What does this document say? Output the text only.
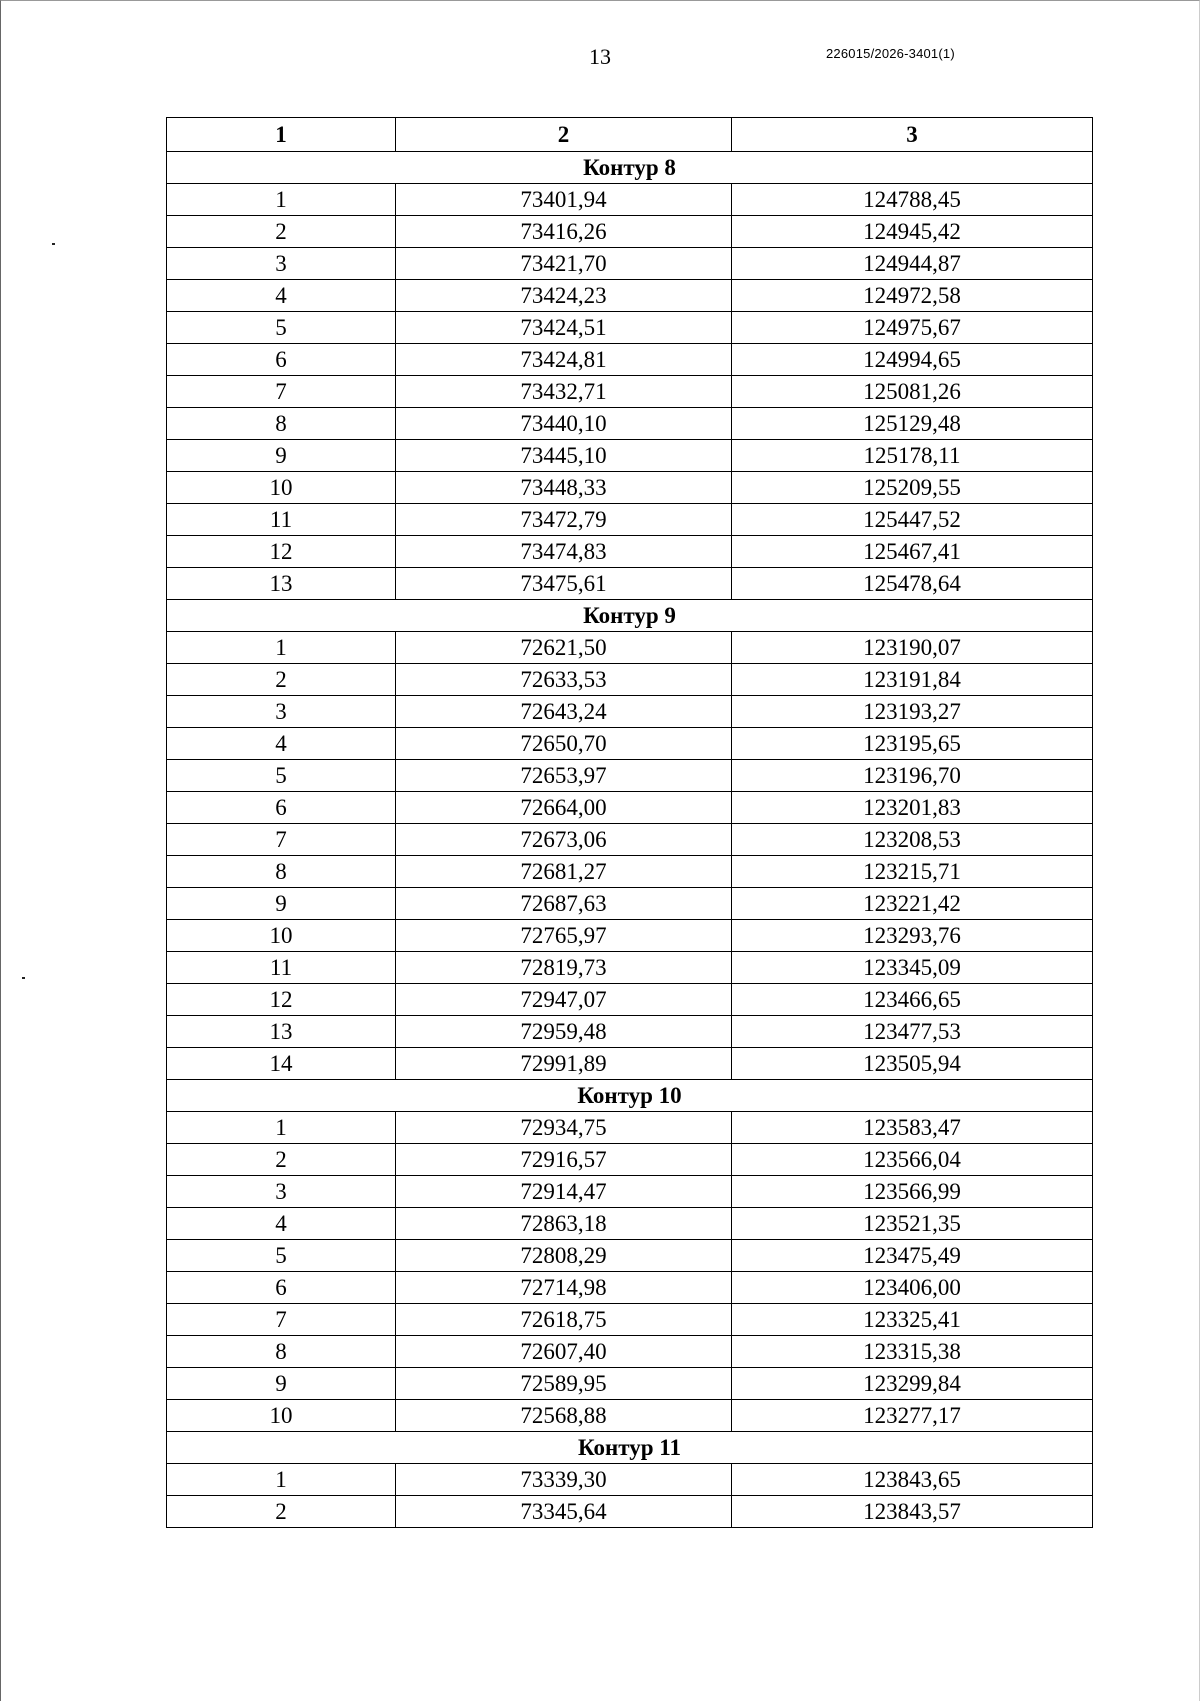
13	226015/2026-3401(1)
1	2	3
Контур 8		
1	73401,94	124788,45
2	73416,26	124945,42
3	73421,70	124944,87
4	73424,23	124972,58
5	73424,51	124975,67
6	73424,81	124994,65
7	73432,71	125081,26
8	73440,10	125129,48
9	73445,10	125178,11
10	73448,33	125209,55
11	73472,79	125447,52
12	73474,83	125467,41
13	73475,61	125478,64
Контур 9		
1	72621,50	123190,07
2	72633,53	123191,84
3	72643,24	123193,27
4	72650,70	123195,65
5	72653,97	123196,70
6	72664,00	123201,83
7	72673,06	123208,53
8	72681,27	123215,71
9	72687,63	123221,42
10	72765,97	123293,76
11	72819,73	123345,09
12	72947,07	123466,65
13	72959,48	123477,53
14	72991,89	123505,94
Контур 10		
1	72934,75	123583,47
2	72916,57	123566,04
3	72914,47	123566,99
4	72863,18	123521,35
5	72808,29	123475,49
6	72714,98	123406,00
7	72618,75	123325,41
8	72607,40	123315,38
9	72589,95	123299,84
10	72568,88	123277,17
Контур 11		
1	73339,30	123843,65
2	73345,64	123843,57
